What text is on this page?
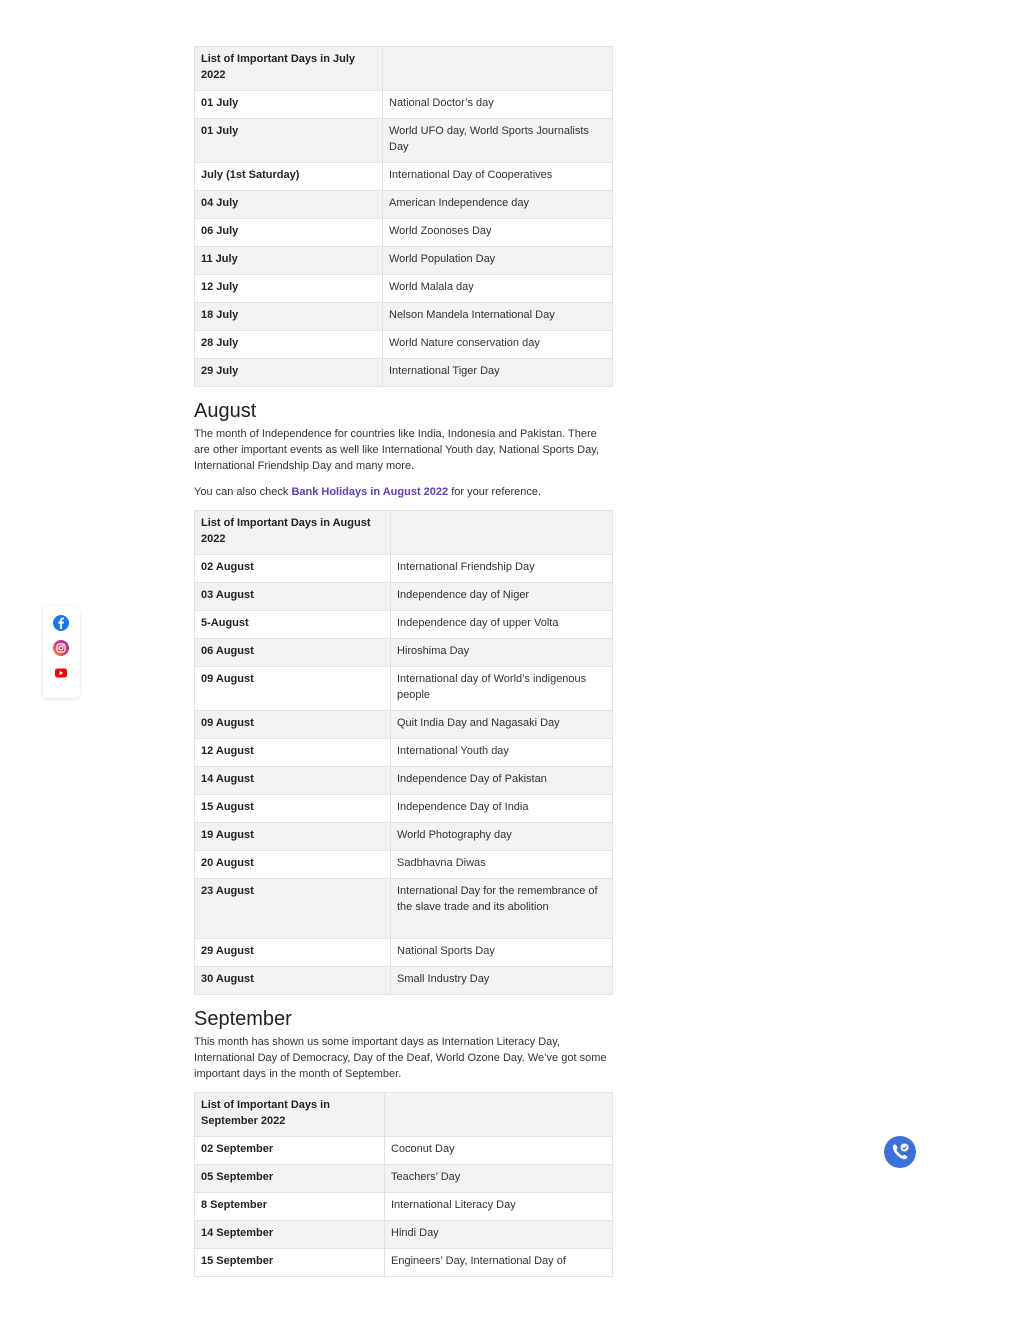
List of Important Days in July 2022	
01 July	National Doctor’s day
01 July	World UFO day, World Sports Journalists Day
July (1st Saturday)	International Day of Cooperatives
04 July	American Independence day
06 July	World Zoonoses Day
11 July	World Population Day
12 July	World Malala day
18 July	Nelson Mandela International Day
28 July	World Nature conservation day
29 July	International Tiger Day
August

The month of Independence for countries like India, Indonesia and Pakistan. There are other important events as well like International Youth day, National Sports Day, International Friendship Day and many more.

You can also check Bank Holidays in August 2022 for your reference.

List of Important Days in August 2022	
02 August	International Friendship Day
03 August	Independence day of Niger
5-August	Independence day of upper Volta
06 August	Hiroshima Day
09 August	International day of World’s indigenous people
09 August	Quit India Day and Nagasaki Day
12 August	International Youth day
14 August	Independence Day of Pakistan
15 August	Independence Day of India
19 August	World Photography day
20 August	Sadbhavna Diwas
23 August	International Day for the remembrance of the slave trade and its abolition
29 August	National Sports Day
30 August	Small Industry Day
September

This month has shown us some important days as Internation Literacy Day, International Day of Democracy, Day of the Deaf, World Ozone Day. We’ve got some important days in the month of September.

List of Important Days in September 2022	
02 September	Coconut Day
05 September	Teachers’ Day
8 September	International Literacy Day
14 September	Hindi Day
15 September	Engineers’ Day, International Day of
